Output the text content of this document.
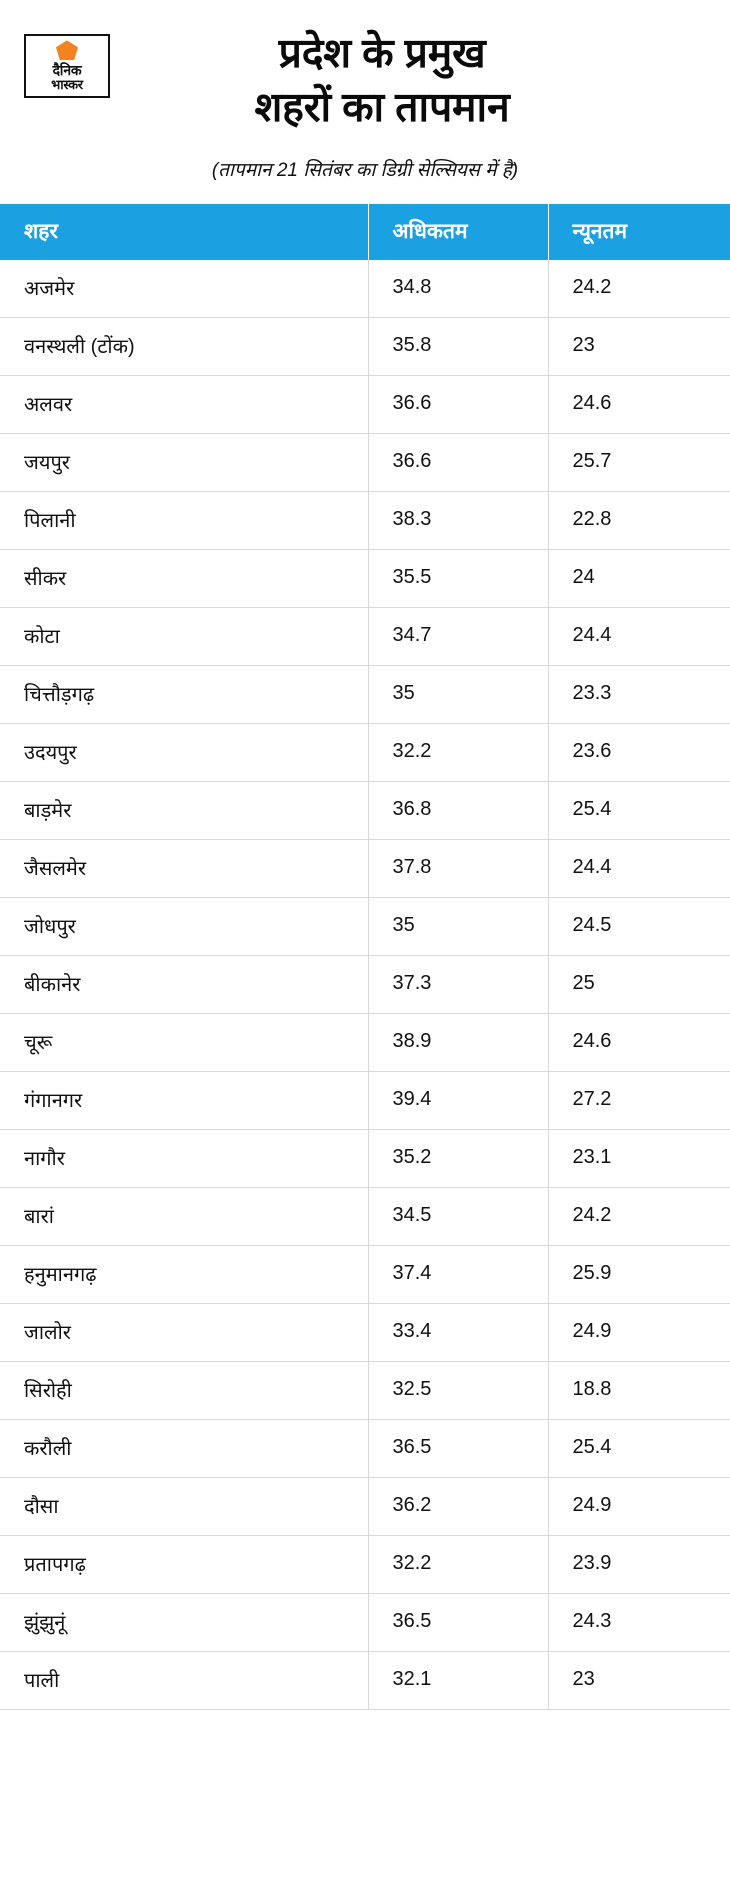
दैनिक
भास्कर
प्रदेश के प्रमुख
शहरों का तापमान
(तापमान 21 सितंबर का डिग्री सेल्सियस में है)
शहर	अधिकतम	न्यूनतम
अजमेर	34.8	24.2
वनस्थली (टोंक)	35.8	23
अलवर	36.6	24.6
जयपुर	36.6	25.7
पिलानी	38.3	22.8
सीकर	35.5	24
कोटा	34.7	24.4
चित्तौड़गढ़	35	23.3
उदयपुर	32.2	23.6
बाड़मेर	36.8	25.4
जैसलमेर	37.8	24.4
जोधपुर	35	24.5
बीकानेर	37.3	25
चूरू	38.9	24.6
गंगानगर	39.4	27.2
नागौर	35.2	23.1
बारां	34.5	24.2
हनुमानगढ़	37.4	25.9
जालोर	33.4	24.9
सिरोही	32.5	18.8
करौली	36.5	25.4
दौसा	36.2	24.9
प्रतापगढ़	32.2	23.9
झुंझुनूं	36.5	24.3
पाली	32.1	23
